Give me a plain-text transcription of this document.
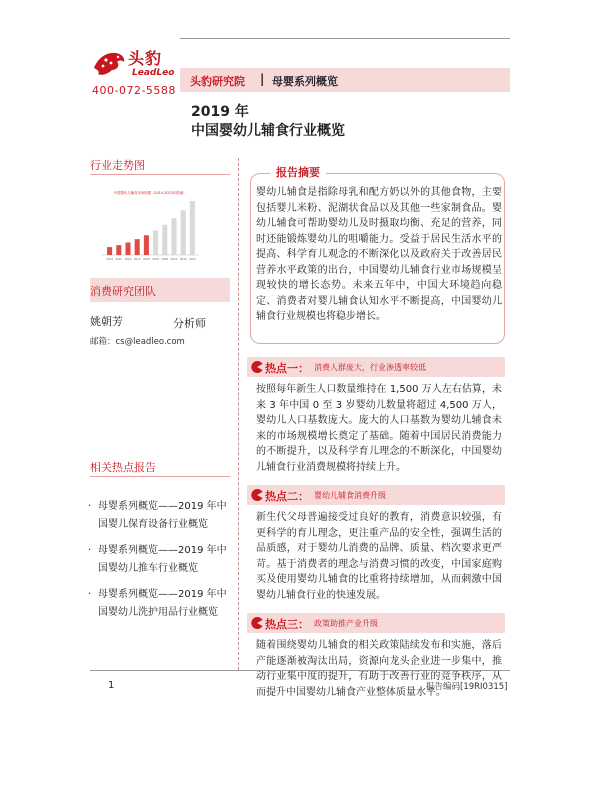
头豹
LeadLeo
400-072-5588
头豹研究院 | 母婴系列概览
2019 年
中国婴幼儿辅食行业概览
行业走势图
中国婴幼儿辅食市场规模（2014-2023年预测）
2014 2015 2016 2017 2018 2019 2020 2021 2022 2023
消费研究团队
姚朝芳	分析师
邮箱：cs@leadleo.com
相关热点报告
· 母婴系列概览——2019 年中国婴儿保育设备行业概览
· 母婴系列概览——2019 年中国婴幼儿推车行业概览
· 母婴系列概览——2019 年中国婴幼儿洗护用品行业概览
报告摘要
婴幼儿辅食是指除母乳和配方奶以外的其他食物，主要包括婴儿米粉、泥湖状食品以及其他一些家制食品。婴幼儿辅食可帮助婴幼儿及时摄取均衡、充足的营养，同时还能锻炼婴幼儿的咀嚼能力。受益于居民生活水平的提高、科学育儿观念的不断深化以及政府关于改善居民营养水平政策的出台，中国婴幼儿辅食行业市场规模呈现较快的增长态势。未来五年中，中国大环境趋向稳定、消费者对婴儿辅食认知水平不断提高，中国婴幼儿辅食行业规模也将稳步增长。
热点一： 消费人群庞大，行业渗透率较低
按照每年新生人口数量维持在 1,500 万人左右估算，未来 3 年中国 0 至 3 岁婴幼儿数量将超过 4,500 万人，婴幼儿人口基数庞大。庞大的人口基数为婴幼儿辅食未来的市场规模增长奠定了基础。随着中国居民消费能力的不断提升，以及科学育儿理念的不断深化，中国婴幼儿辅食行业消费规模将持续上升。
热点二： 婴幼儿辅食消费升级
新生代父母普遍接受过良好的教育，消费意识较强，有更科学的育儿理念，更注重产品的安全性，强调生活的品质感，对于婴幼儿消费的品牌、质量、档次要求更严苛。基于消费者的理念与消费习惯的改变，中国家庭购买及使用婴幼儿辅食的比重将持续增加，从而刺激中国婴幼儿辅食行业的快速发展。
热点三： 政策助推产业升级
随着围绕婴幼儿辅食的相关政策陆续发布和实施，落后产能逐渐被淘汰出局，资源向龙头企业进一步集中，推动行业集中度的提升，有助于改善行业的竞争秩序，从而提升中国婴幼儿辅食产业整体质量水平。
1	报告编码[19RI0315]
